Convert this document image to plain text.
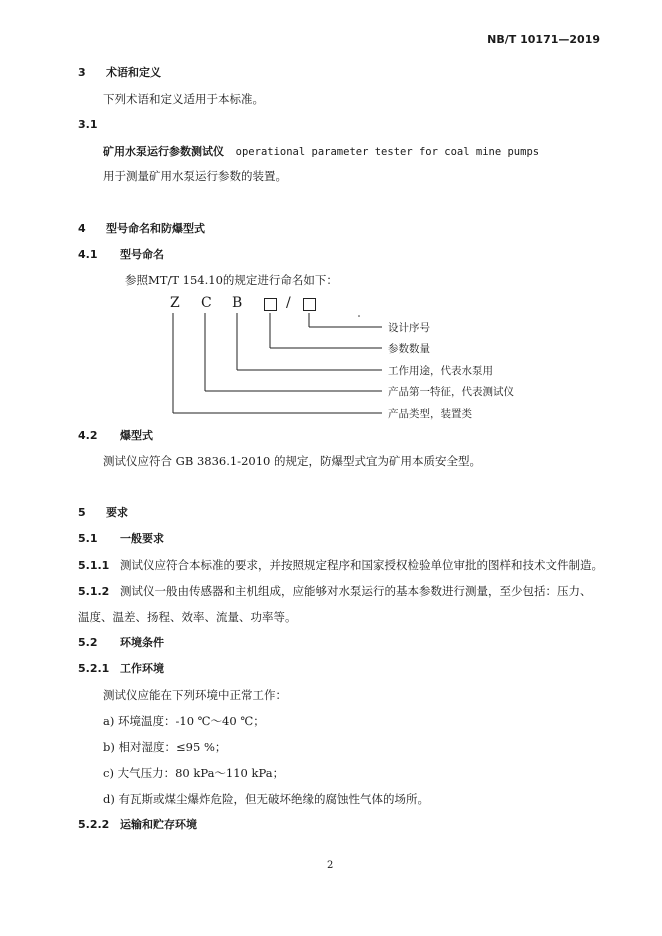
NB/T 10171—2019
3 术语和定义
下列术语和定义适用于本标准。
3.1
矿用水泵运行参数测试仪 operational parameter tester for coal mine pumps
用于测量矿用水泵运行参数的装置。
4 型号命名和防爆型式
4.1 型号命名
参照MT/T 154.10的规定进行命名如下：
Z C B	/
设计序号
参数数量
工作用途，代表水泵用
产品第一特征，代表测试仪
产品类型，装置类
4.2 爆型式
测试仪应符合 GB 3836.1-2010 的规定，防爆型式宜为矿用本质安全型。
5 要求
5.1 一般要求
5.1.1 测试仪应符合本标准的要求，并按照规定程序和国家授权检验单位审批的图样和技术文件制造。
5.1.2 测试仪一般由传感器和主机组成，应能够对水泵运行的基本参数进行测量，至少包括：压力、
温度、温差、扬程、效率、流量、功率等。
5.2 环境条件
5.2.1 工作环境
测试仪应能在下列环境中正常工作：
a) 环境温度：-10 ℃～40 ℃；
b) 相对湿度：≤95 %；
c) 大气压力：80 kPa～110 kPa；
d) 有瓦斯或煤尘爆炸危险，但无破坏绝缘的腐蚀性气体的场所。
5.2.2 运输和贮存环境
2
